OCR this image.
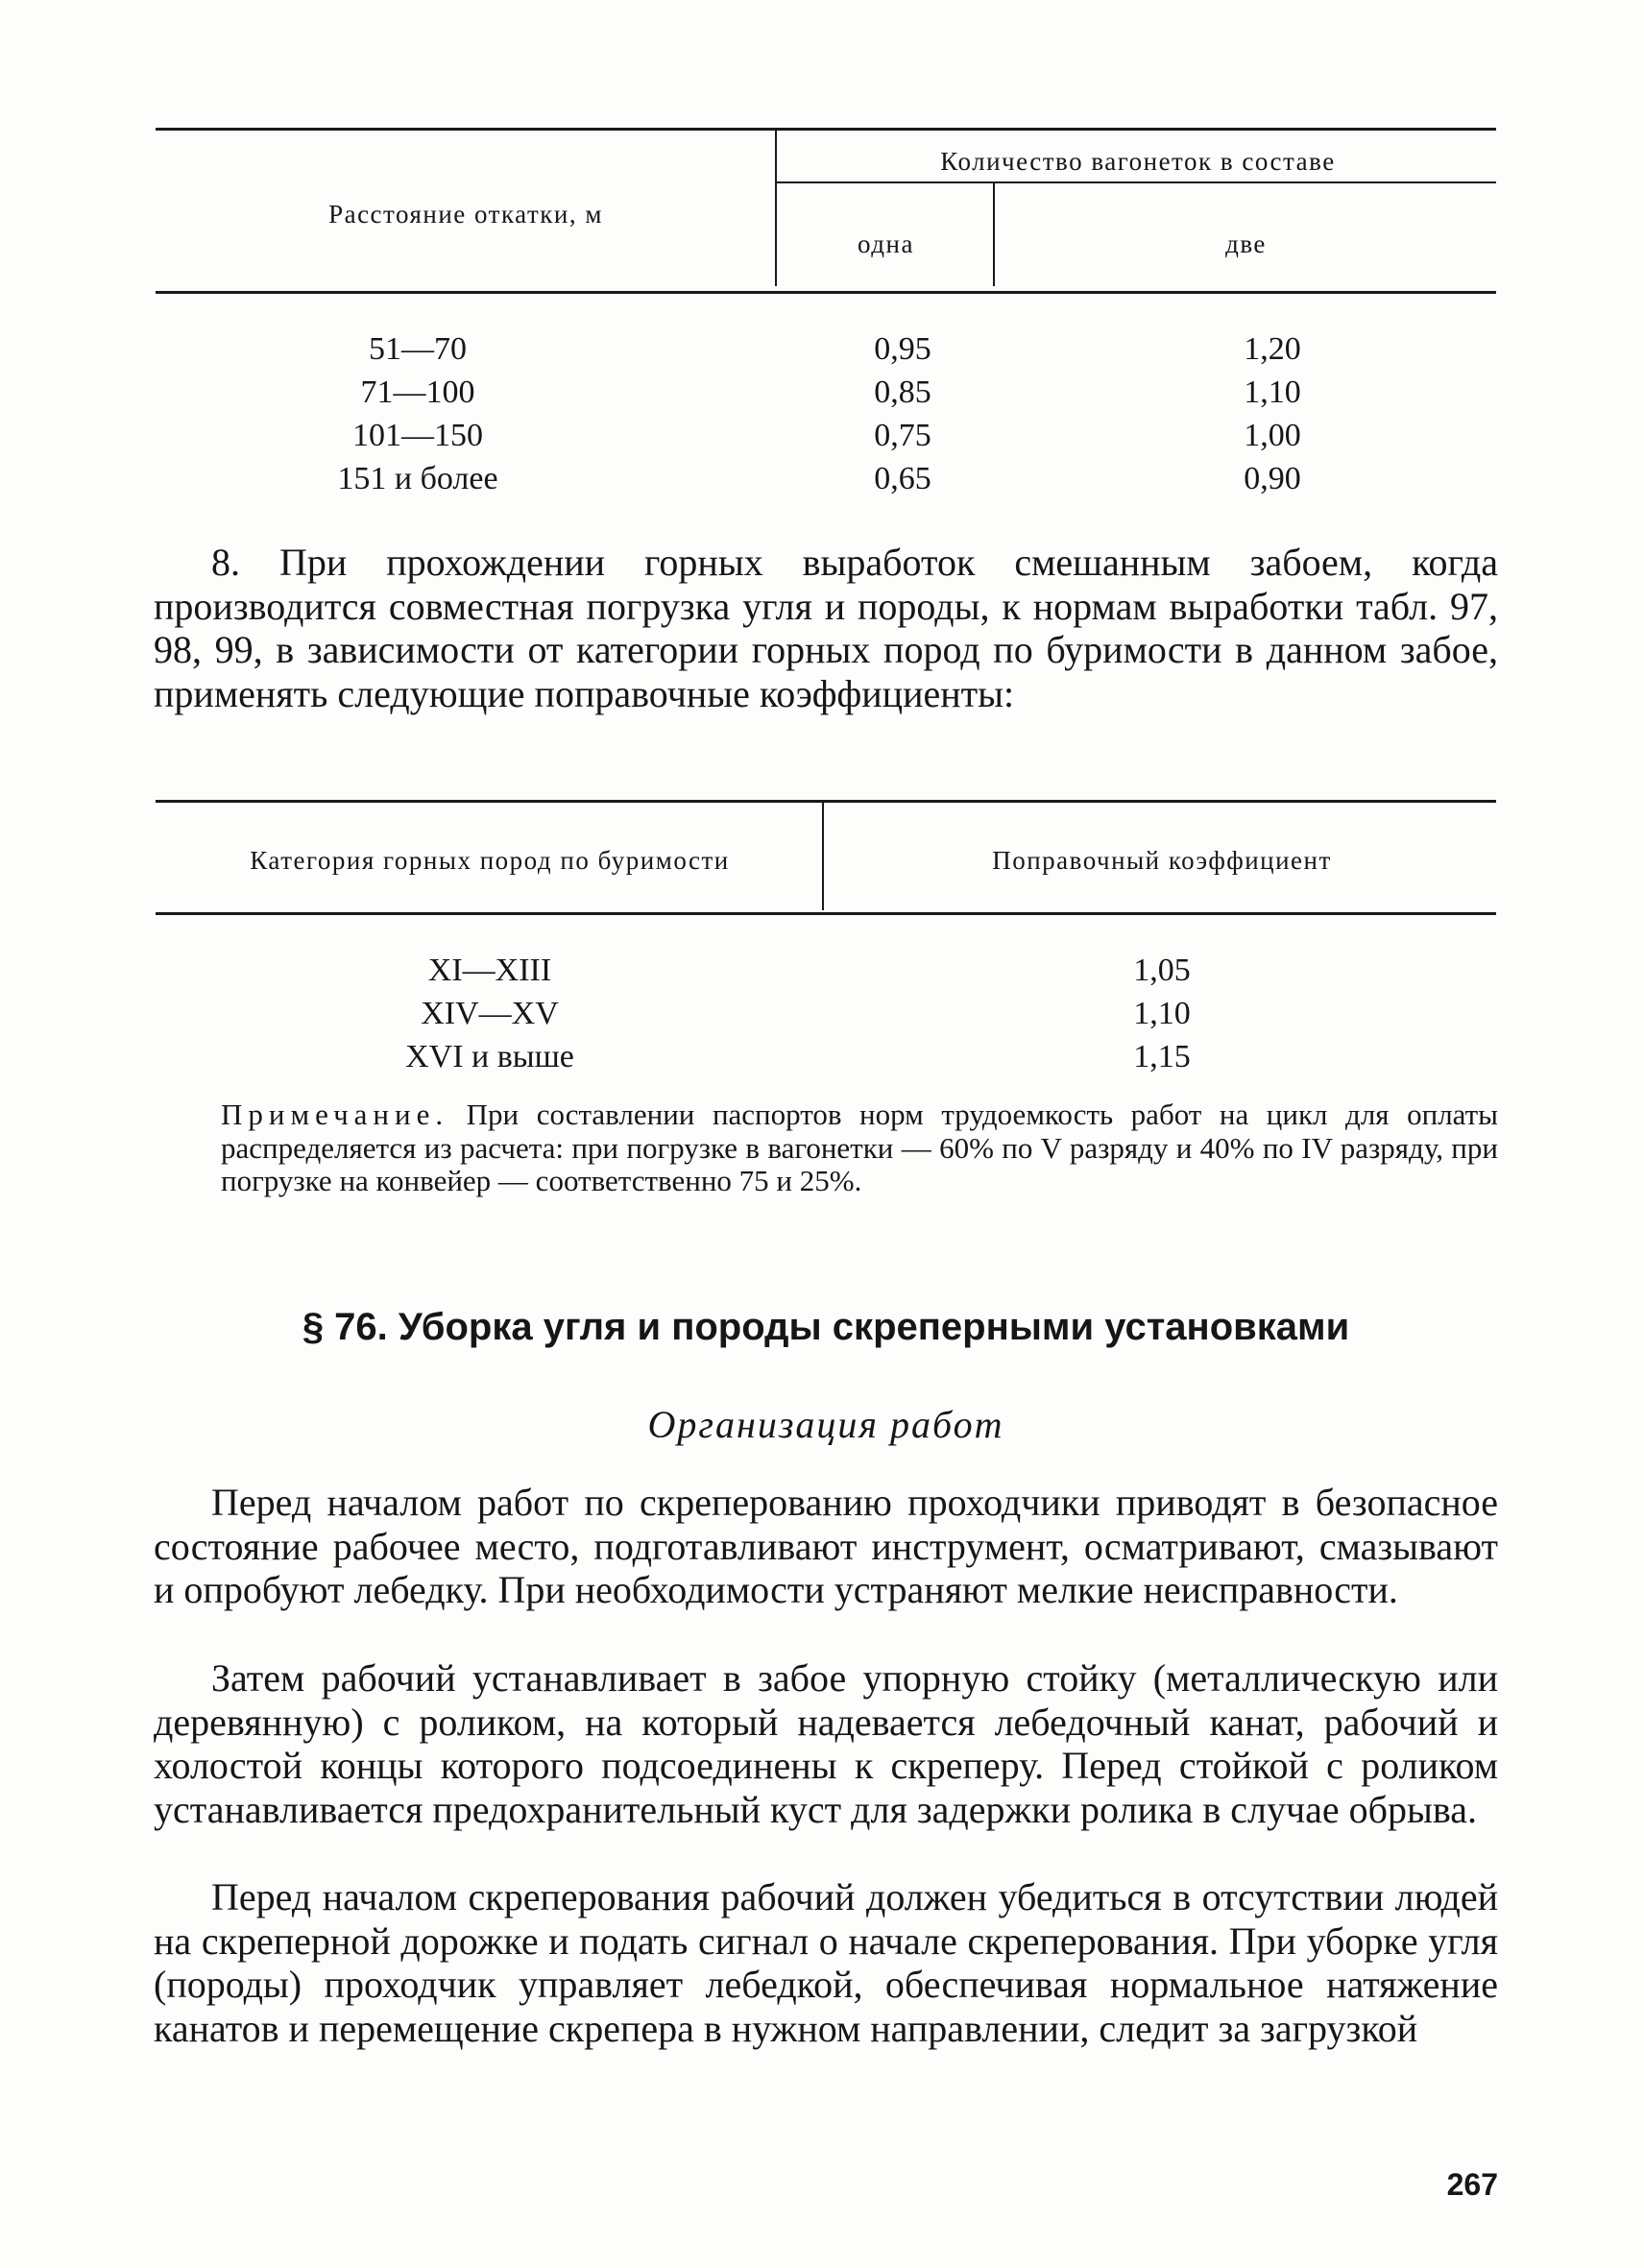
Расстояние откатки, м
Количество вагонеток в составе
одна	две
51—70	0,95	1,20
71—100	0,85	1,10
101—150	0,75	1,00
151 и более	0,65	0,90

8. При прохождении горных выработок смешанным забоем, когда производится совместная погрузка угля и породы, к нормам выработки табл. 97, 98, 99, в зависимости от категории горных пород по буримости в данном забое, применять следующие поправочные коэффициенты:

Категория горных пород по буримости	Поправочный коэффициент
XI—XIII	1,05
XIV—XV	1,10
XVI и выше	1,15

Примечание. При составлении паспортов норм трудоемкость работ на цикл для оплаты распределяется из расчета: при погрузке в вагонетки — 60% по V разряду и 40% по IV разряду, при погрузке на конвейер — соответственно 75 и 25%.

§ 76. Уборка угля и породы скреперными установками
Организация работ

Перед началом работ по скреперованию проходчики приводят в безопасное состояние рабочее место, подготавливают инструмент, осматривают, смазывают и опробуют лебедку. При необходимости устраняют мелкие неисправности.

Затем рабочий устанавливает в забое упорную стойку (металлическую или деревянную) с роликом, на который надевается лебедочный канат, рабочий и холостой концы которого подсоединены к скреперу. Перед стойкой с роликом устанавливается предохранительный куст для задержки ролика в случае обрыва.

Перед началом скреперования рабочий должен убедиться в отсутствии людей на скреперной дорожке и подать сигнал о начале скреперования. При уборке угля (породы) проходчик управляет лебедкой, обеспечивая нормальное натяжение канатов и перемещение скрепера в нужном направлении, следит за загрузкой

267
